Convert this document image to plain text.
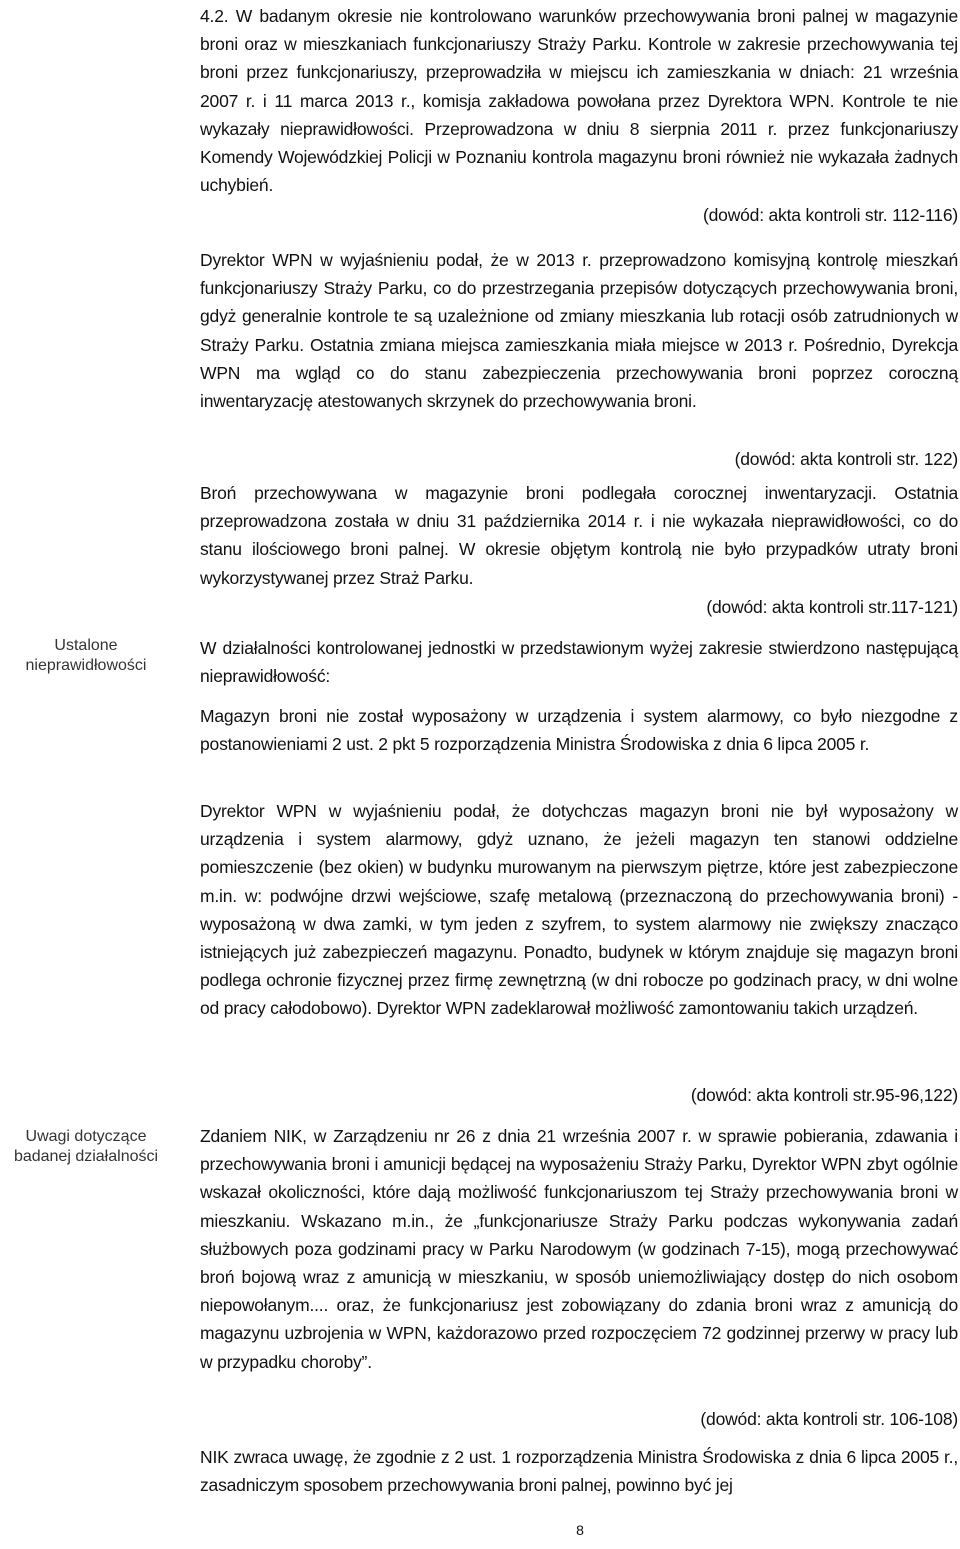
Ustalone nieprawidłowości
Uwagi dotyczące badanej działalności

4.2. W badanym okresie nie kontrolowano warunków przechowywania broni palnej w magazynie broni oraz w mieszkaniach funkcjonariuszy Straży Parku. Kontrole w zakresie przechowywania tej broni przez funkcjonariuszy, przeprowadziła w miejscu ich zamieszkania w dniach: 21 września 2007 r. i 11 marca 2013 r., komisja zakładowa powołana przez Dyrektora WPN. Kontrole te nie wykazały nieprawidłowości. Przeprowadzona w dniu 8 sierpnia 2011 r. przez funkcjonariuszy Komendy Wojewódzkiej Policji w Poznaniu kontrola magazynu broni również nie wykazała żadnych uchybień.

(dowód: akta kontroli str. 112-116)

Dyrektor WPN w wyjaśnieniu podał, że w 2013 r. przeprowadzono komisyjną kontrolę mieszkań funkcjonariuszy Straży Parku, co do przestrzegania przepisów dotyczących przechowywania broni, gdyż generalnie kontrole te są uzależnione od zmiany mieszkania lub rotacji osób zatrudnionych w Straży Parku. Ostatnia zmiana miejsca zamieszkania miała miejsce w 2013 r. Pośrednio, Dyrekcja WPN ma wgląd co do stanu zabezpieczenia przechowywania broni poprzez coroczną inwentaryzację atestowanych skrzynek do przechowywania broni.

(dowód: akta kontroli str. 122)

Broń przechowywana w magazynie broni podlegała corocznej inwentaryzacji. Ostatnia przeprowadzona została w dniu 31 października 2014 r. i nie wykazała nieprawidłowości, co do stanu ilościowego broni palnej. W okresie objętym kontrolą nie było przypadków utraty broni wykorzystywanej przez Straż Parku.

(dowód: akta kontroli str.117-121)

W działalności kontrolowanej jednostki w przedstawionym wyżej zakresie stwierdzono następującą nieprawidłowość:

Magazyn broni nie został wyposażony w urządzenia i system alarmowy, co było niezgodne z postanowieniami 2 ust. 2 pkt 5 rozporządzenia Ministra Środowiska z dnia 6 lipca 2005 r.

Dyrektor WPN w wyjaśnieniu podał, że dotychczas magazyn broni nie był wyposażony w urządzenia i system alarmowy, gdyż uznano, że jeżeli magazyn ten stanowi oddzielne pomieszczenie (bez okien) w budynku murowanym na pierwszym piętrze, które jest zabezpieczone m.in. w: podwójne drzwi wejściowe, szafę metalową (przeznaczoną do przechowywania broni) - wyposażoną w dwa zamki, w tym jeden z szyfrem, to system alarmowy nie zwiększy znacząco istniejących już zabezpieczeń magazynu. Ponadto, budynek w którym znajduje się magazyn broni podlega ochronie fizycznej przez firmę zewnętrzną (w dni robocze po godzinach pracy, w dni wolne od pracy całodobowo). Dyrektor WPN zadeklarował możliwość zamontowaniu takich urządzeń.

(dowód: akta kontroli str.95-96,122)

Zdaniem NIK, w Zarządzeniu nr 26 z dnia 21 września 2007 r. w sprawie pobierania, zdawania i przechowywania broni i amunicji będącej na wyposażeniu Straży Parku, Dyrektor WPN zbyt ogólnie wskazał okoliczności, które dają możliwość funkcjonariuszom tej Straży przechowywania broni w mieszkaniu. Wskazano m.in., że „funkcjonariusze Straży Parku podczas wykonywania zadań służbowych poza godzinami pracy w Parku Narodowym (w godzinach 7-15), mogą przechowywać broń bojową wraz z amunicją w mieszkaniu, w sposób uniemożliwiający dostęp do nich osobom niepowołanym.... oraz, że funkcjonariusz jest zobowiązany do zdania broni wraz z amunicją do magazynu uzbrojenia w WPN, każdorazowo przed rozpoczęciem 72 godzinnej przerwy w pracy lub w przypadku choroby”.

(dowód: akta kontroli str. 106-108)

NIK zwraca uwagę, że zgodnie z 2 ust. 1 rozporządzenia Ministra Środowiska z dnia 6 lipca 2005 r., zasadniczym sposobem przechowywania broni palnej, powinno być jej

8
